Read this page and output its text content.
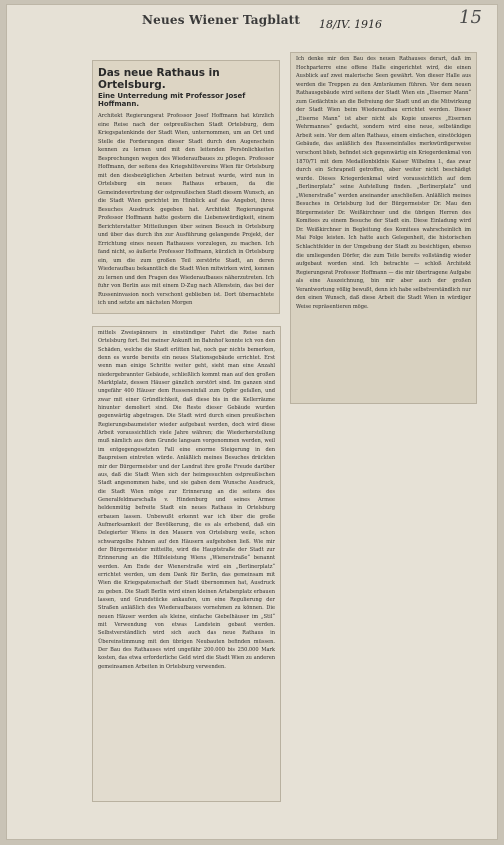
Neues Wiener Tagblatt 18/IV. 1916	15
Das neue Rathaus in Ortelsburg.
Eine Unterredung mit Professor Josef Hoffmann.
Architekt Regierungsrat Professor Josef Hoffmann hat kürzlich eine Reise nach der ostpreußischen Stadt Ortelsburg, dem Kriegspatenkinde der Stadt Wien, unternommen, um an Ort und Stelle die Forderungen dieser Stadt durch den Augenschein kennen zu lernen und mit den leitenden Persönlichkeiten Besprechungen wegen des Wiederaufbaues zu pflegen. Professor Hoffmann, der seitens des Kriegshilfsvereins Wien für Ortelsburg mit den diesbezüglichen Arbeiten betraut wurde, wird nun in Ortelsburg ein neues Rathaus erbauen, da die Gemeindevertretung der ostpreußischen Stadt diesem Wunsch, an die Stadt Wien gerichtet im Hinblick auf das Angebot, ihres Besuches Ausdruck gegeben hat. Architekt Regierungsrat Professor Hoffmann hatte gestern die Liebenswürdigkeit, einem Berichterstatter Mitteilungen über seinen Besuch in Ortelsburg und über das durch ihn zur Ausführung gelangende Projekt, der Errichtung eines neuen Rathauses vorzulegen, zu machen. Ich fand nicht, so äußerte Professor Hoffmann, kürzlich in Ortelsburg ein, um die zum großen Teil zerstörte Stadt, an deren Wiederaufbau bekanntlich die Stadt Wien mitwirken wird, kennen zu lernen und den Fragen des Wiederaufbaues näherzutreten. Ich fuhr von Berlin aus mit einem D-Zug nach Allenstein, das bei der Russeninvasion noch verschont geblieben ist. Dort übernachtete ich und setzte am nächsten Morgen
mittels Zweispänners in einstündiger Fahrt die Reise nach Ortelsburg fort. Bei meiner Ankunft im Bahnhof konnte ich von den Schäden, welche die Stadt erlitten hat, noch gar nichts bemerken, denn es wurde bereits ein neues Stationsgebäude errichtet. Erst wenn man einige Schritte weiter geht, sieht man eine Anzahl niedergebrannter Gebäude, schließlich kommt man auf den großen Marktplatz, dessen Häuser gänzlich zerstört sind. Im ganzen sind ungefähr 400 Häuser dem Russeneinfall zum Opfer gefallen, und zwar mit einer Gründlichkeit, daß diese bis in die Kellerräume hinunter demoliert sind. Die Reste dieser Gebäude wurden gegenwärtig abgetragen. Die Stadt wird durch einen preußischen Regierungsbaumeister wieder aufgebaut werden, doch wird diese Arbeit voraussichtlich viele Jahre währen; die Wiederherstellung muß nämlich aus dem Grunde langsam vorgenommen werden, weil im entgegengesetzten Fall eine enorme Steigerung in den Baupreisen eintreten würde. Anläßlich meines Besuches drückten mir der Bürgermeister und der Landrat ihre große Freude darüber aus, daß die Stadt Wien sich der heimgesuchten ostpreußischen Stadt angenommen habe, und sie gaben dem Wunsche Ausdruck, die Stadt Wien möge zur Erinnerung an die seitens des Generalfeldmarschalls v. Hindenburg und seines Armee heldenmütig befreite Stadt ein neues Rathaus in Ortelsburg erbauen lassen. Unbewußt erkennt war ich über die große Aufmerksamkeit der Bevölkerung, die es als erhebend, daß ein Delegierter Wiens in den Mauern von Ortelsburg weile, schon schwarzgelbe Fahnen auf den Häusern aufgehoben ließ. Wie mir der Bürgermeister mitteilte, wird die Hauptstraße der Stadt zur Erinnerung an die Hilfeleistung Wiens „Wienerstraße“ benannt werden. Am Ende der Wienerstraße wird ein „Berlinerplatz“ errichtet werden, um dem Dank für Berlin, das gemeinsam mit Wien die Kriegspatenschaft der Stadt übernommen hat, Ausdruck zu geben. Die Stadt Berlin wird einen kleinen Artabenplatz erbauen lassen, und Grundstücke ankaufen, um eine Regulierung der Straßen anläßlich des Wiederaufbaues vornehmen zu können. Die neuen Häuser werden als kleine, einfache Giebelhäuser im „Stil“ mit Verwendung von etwas Landstein gebaut werden. Selbstverständlich wird sich auch das neue Rathaus in Übereinstimmung mit den übrigen Neubauten befinden müssen. Der Bau des Rathauses wird ungefähr 200.000 bis 250.000 Mark kosten, das etwa erforderliche Geld wird die Stadt Wien zu anderen gemeinsamen Arbeiten in Ortelsburg verwenden.
Ich denke mir den Bau des neuen Rathauses derart, daß im Hochparterre eine offene Halle eingerichtet wird, die einen Ausblick auf zwei malerische Seen gewährt. Von dieser Halle aus werden die Treppen zu den Amtsräumen führen. Vor dem neuen Rathausgebäude wird seitens der Stadt Wien ein „Eiserner Mann“ zum Gedächtnis an die Befreiung der Stadt und an die Mitwirkung der Stadt Wien beim Wiederaufbau errichtet werden. Dieser „Eiserne Mann“ ist aber nicht als Kopie unseres „Eisernen Wehrmannes“ gedacht, sondern wird eine neue, selbständige Arbeit sein. Vor dem alten Rathaus, einem einfachen, einstöckigen Gebäude, das anläßlich des Russeneinfalles merkwürdigerweise verschont blieb, befindet sich gegenwärtig ein Kriegerdenkmal von 1870/71 mit dem Medaillonbildnis Kaiser Wilhelms I., das zwar durch ein Schrapnell getroffen, aber weiter nicht beschädigt wurde. Dieses Kriegerdenkmal wird voraussichtlich auf dem „Berlinerplatz“ seine Aufstellung finden. „Berlinerplatz“ und „Wienerstraße“ werden aneinander anschließen. Anläßlich meines Besuches in Ortelsburg lud der Bürgermeister Dr. Mau den Bürgermeister Dr. Weißkirchner und die übrigen Herren des Komitees zu einem Besuche der Stadt ein. Diese Einladung wird Dr. Weißkirchner in Begleitung des Komitees wahrscheinlich im Mai Folge leisten. Ich hatte auch Gelegenheit, die historischen Schlachtfelder in der Umgebung der Stadt zu besichtigen, ebenso die umliegenden Dörfer, die zum Teile bereits vollständig wieder aufgebaut worden sind. Ich betrachte — schloß Architekt Regierungsrat Professor Hoffmann — die mir übertragene Aufgabe als eine Auszeichnung, bin mir aber auch der großen Verantwortung völlig bewußt, denn ich habe selbstverständlich nur den einen Wunsch, daß diese Arbeit die Stadt Wien in würdiger Weise repräsentieren möge.
